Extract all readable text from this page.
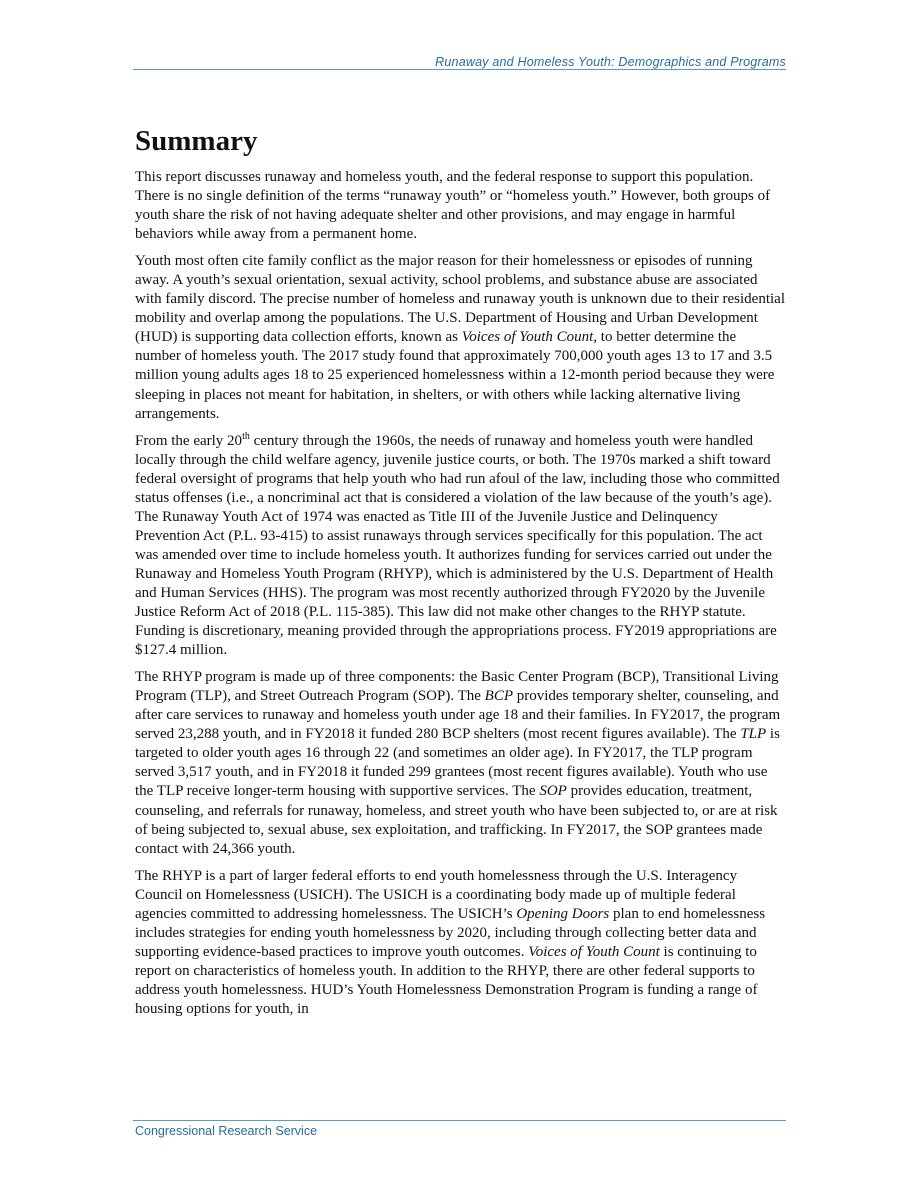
Runaway and Homeless Youth: Demographics and Programs
Summary

This report discusses runaway and homeless youth, and the federal response to support this population. There is no single definition of the terms “runaway youth” or “homeless youth.” However, both groups of youth share the risk of not having adequate shelter and other provisions, and may engage in harmful behaviors while away from a permanent home.

Youth most often cite family conflict as the major reason for their homelessness or episodes of running away. A youth’s sexual orientation, sexual activity, school problems, and substance abuse are associated with family discord. The precise number of homeless and runaway youth is unknown due to their residential mobility and overlap among the populations. The U.S. Department of Housing and Urban Development (HUD) is supporting data collection efforts, known as Voices of Youth Count, to better determine the number of homeless youth. The 2017 study found that approximately 700,000 youth ages 13 to 17 and 3.5 million young adults ages 18 to 25 experienced homelessness within a 12-month period because they were sleeping in places not meant for habitation, in shelters, or with others while lacking alternative living arrangements.

From the early 20th century through the 1960s, the needs of runaway and homeless youth were handled locally through the child welfare agency, juvenile justice courts, or both. The 1970s marked a shift toward federal oversight of programs that help youth who had run afoul of the law, including those who committed status offenses (i.e., a noncriminal act that is considered a violation of the law because of the youth’s age). The Runaway Youth Act of 1974 was enacted as Title III of the Juvenile Justice and Delinquency Prevention Act (P.L. 93-415) to assist runaways through services specifically for this population. The act was amended over time to include homeless youth. It authorizes funding for services carried out under the Runaway and Homeless Youth Program (RHYP), which is administered by the U.S. Department of Health and Human Services (HHS). The program was most recently authorized through FY2020 by the Juvenile Justice Reform Act of 2018 (P.L. 115-385). This law did not make other changes to the RHYP statute. Funding is discretionary, meaning provided through the appropriations process. FY2019 appropriations are $127.4 million.

The RHYP program is made up of three components: the Basic Center Program (BCP), Transitional Living Program (TLP), and Street Outreach Program (SOP). The BCP provides temporary shelter, counseling, and after care services to runaway and homeless youth under age 18 and their families. In FY2017, the program served 23,288 youth, and in FY2018 it funded 280 BCP shelters (most recent figures available). The TLP is targeted to older youth ages 16 through 22 (and sometimes an older age). In FY2017, the TLP program served 3,517 youth, and in FY2018 it funded 299 grantees (most recent figures available). Youth who use the TLP receive longer-term housing with supportive services. The SOP provides education, treatment, counseling, and referrals for runaway, homeless, and street youth who have been subjected to, or are at risk of being subjected to, sexual abuse, sex exploitation, and trafficking. In FY2017, the SOP grantees made contact with 24,366 youth.

The RHYP is a part of larger federal efforts to end youth homelessness through the U.S. Interagency Council on Homelessness (USICH). The USICH is a coordinating body made up of multiple federal agencies committed to addressing homelessness. The USICH’s Opening Doors plan to end homelessness includes strategies for ending youth homelessness by 2020, including through collecting better data and supporting evidence-based practices to improve youth outcomes. Voices of Youth Count is continuing to report on characteristics of homeless youth. In addition to the RHYP, there are other federal supports to address youth homelessness. HUD’s Youth Homelessness Demonstration Program is funding a range of housing options for youth, in

Congressional Research Service
